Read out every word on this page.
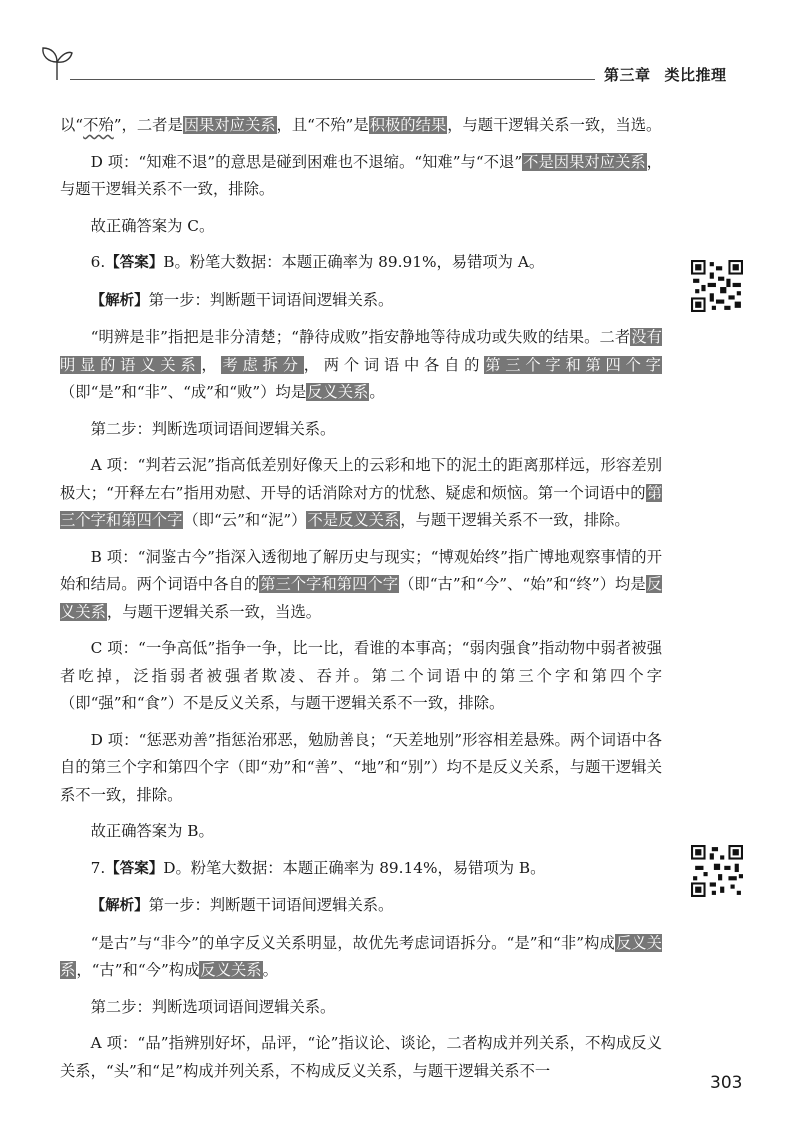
第三章 类比推理

以“不殆”，二者是因果对应关系，且“不殆”是积极的结果，与题干逻辑关系一致，当选。

D 项：“知难不退”的意思是碰到困难也不退缩。“知难”与“不退”不是因果对应关系，与题干逻辑关系不一致，排除。

故正确答案为 C。

6.【答案】B。粉笔大数据：本题正确率为 89.91%，易错项为 A。

【解析】第一步：判断题干词语间逻辑关系。

“明辨是非”指把是非分清楚；“静待成败”指安静地等待成功或失败的结果。二者没有明显的语义关系，考虑拆分，两个词语中各自的第三个字和第四个字（即“是”和“非”、“成”和“败”）均是反义关系。

第二步：判断选项词语间逻辑关系。

A 项：“判若云泥”指高低差别好像天上的云彩和地下的泥土的距离那样远，形容差别极大；“开释左右”指用劝慰、开导的话消除对方的忧愁、疑虑和烦恼。第一个词语中的第三个字和第四个字（即“云”和“泥”）不是反义关系，与题干逻辑关系不一致，排除。

B 项：“洞鉴古今”指深入透彻地了解历史与现实；“博观始终”指广博地观察事情的开始和结局。两个词语中各自的第三个字和第四个字（即“古”和“今”、“始”和“终”）均是反义关系，与题干逻辑关系一致，当选。

C 项：“一争高低”指争一争，比一比，看谁的本事高；“弱肉强食”指动物中弱者被强者吃掉，泛指弱者被强者欺凌、吞并。第二个词语中的第三个字和第四个字（即“强”和“食”）不是反义关系，与题干逻辑关系不一致，排除。

D 项：“惩恶劝善”指惩治邪恶，勉励善良；“天差地别”形容相差悬殊。两个词语中各自的第三个字和第四个字（即“劝”和“善”、“地”和“别”）均不是反义关系，与题干逻辑关系不一致，排除。

故正确答案为 B。

7.【答案】D。粉笔大数据：本题正确率为 89.14%，易错项为 B。

【解析】第一步：判断题干词语间逻辑关系。

“是古”与“非今”的单字反义关系明显，故优先考虑词语拆分。“是”和“非”构成反义关系，“古”和“今”构成反义关系。

第二步：判断选项词语间逻辑关系。

A 项：“品”指辨别好坏，品评，“论”指议论、谈论，二者构成并列关系，不构成反义关系，“头”和“足”构成并列关系，不构成反义关系，与题干逻辑关系不一

303
